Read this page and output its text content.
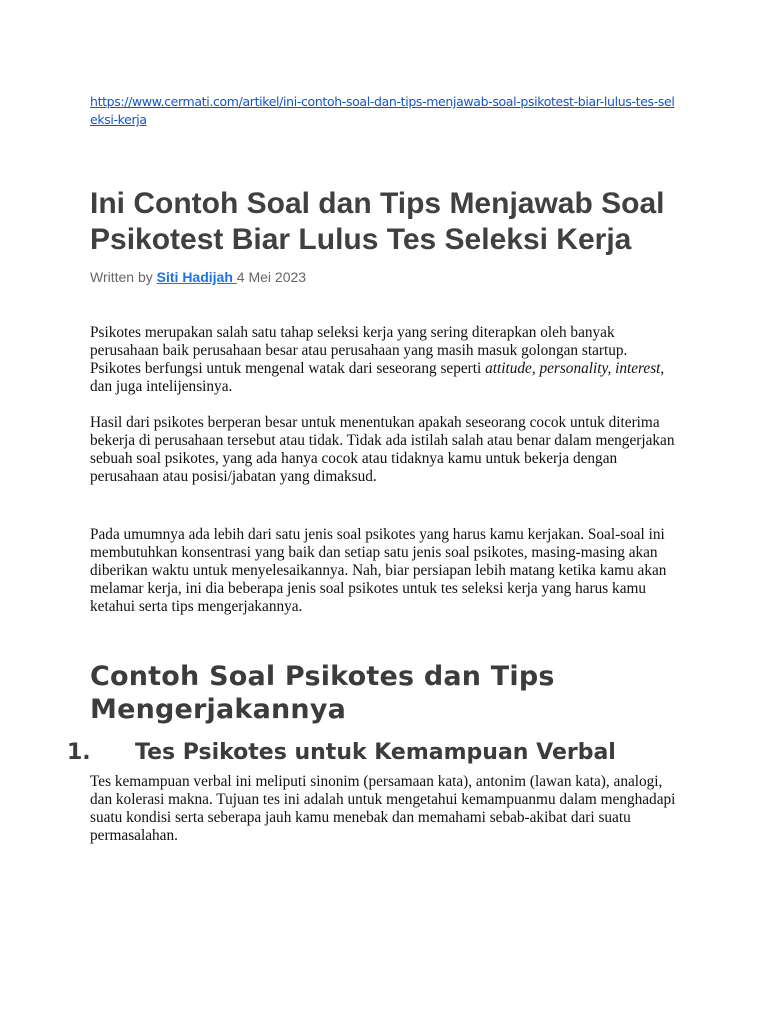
https://www.cermati.com/artikel/ini-contoh-soal-dan-tips-menjawab-soal-psikotest-biar-lulus-tes-seleksi-kerja
Ini Contoh Soal dan Tips Menjawab Soal Psikotest Biar Lulus Tes Seleksi Kerja

Written by Siti Hadijah 4 Mei 2023

Psikotes merupakan salah satu tahap seleksi kerja yang sering diterapkan oleh banyak perusahaan baik perusahaan besar atau perusahaan yang masih masuk golongan startup. Psikotes berfungsi untuk mengenal watak dari seseorang seperti attitude, personality, interest, dan juga intelijensinya.

Hasil dari psikotes berperan besar untuk menentukan apakah seseorang cocok untuk diterima bekerja di perusahaan tersebut atau tidak. Tidak ada istilah salah atau benar dalam mengerjakan sebuah soal psikotes, yang ada hanya cocok atau tidaknya kamu untuk bekerja dengan perusahaan atau posisi/jabatan yang dimaksud.

Pada umumnya ada lebih dari satu jenis soal psikotes yang harus kamu kerjakan. Soal-soal ini membutuhkan konsentrasi yang baik dan setiap satu jenis soal psikotes, masing-masing akan diberikan waktu untuk menyelesaikannya. Nah, biar persiapan lebih matang ketika kamu akan melamar kerja, ini dia beberapa jenis soal psikotes untuk tes seleksi kerja yang harus kamu ketahui serta tips mengerjakannya.

Contoh Soal Psikotes dan Tips Mengerjakannya
1. Tes Psikotes untuk Kemampuan Verbal

Tes kemampuan verbal ini meliputi sinonim (persamaan kata), antonim (lawan kata), analogi, dan kolerasi makna. Tujuan tes ini adalah untuk mengetahui kemampuanmu dalam menghadapi suatu kondisi serta seberapa jauh kamu menebak dan memahami sebab-akibat dari suatu permasalahan.
